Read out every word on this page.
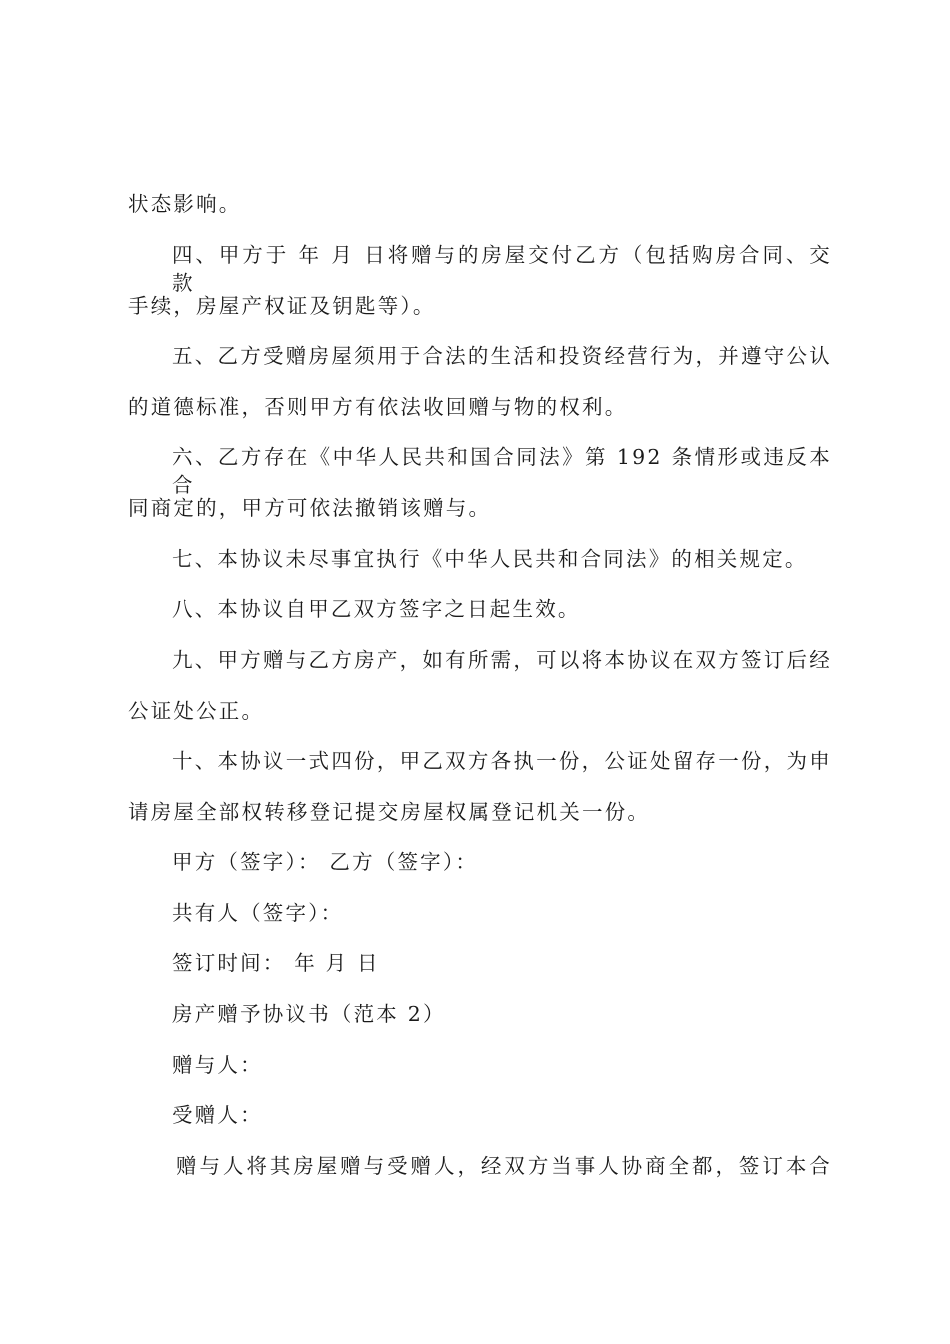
状态影响。
四、甲方于 年 月 日将赠与的房屋交付乙方（包括购房合同、交款
手续，房屋产权证及钥匙等）。
五、乙方受赠房屋须用于合法的生活和投资经营行为，并遵守公认
的道德标准，否则甲方有依法收回赠与物的权利。
六、乙方存在《中华人民共和国合同法》第 192 条情形或违反本合
同商定的，甲方可依法撤销该赠与。
七、本协议未尽事宜执行《中华人民共和合同法》的相关规定。
八、本协议自甲乙双方签字之日起生效。
九、甲方赠与乙方房产，如有所需，可以将本协议在双方签订后经
公证处公正。
十、本协议一式四份，甲乙双方各执一份，公证处留存一份，为申
请房屋全部权转移登记提交房屋权属登记机关一份。
甲方（签字）： 乙方（签字）：
共有人（签字）：
签订时间： 年 月 日
房产赠予协议书（范本 2）
赠与人：
受赠人：
赠与人将其房屋赠与受赠人，经双方当事人协商全都，签订本合
